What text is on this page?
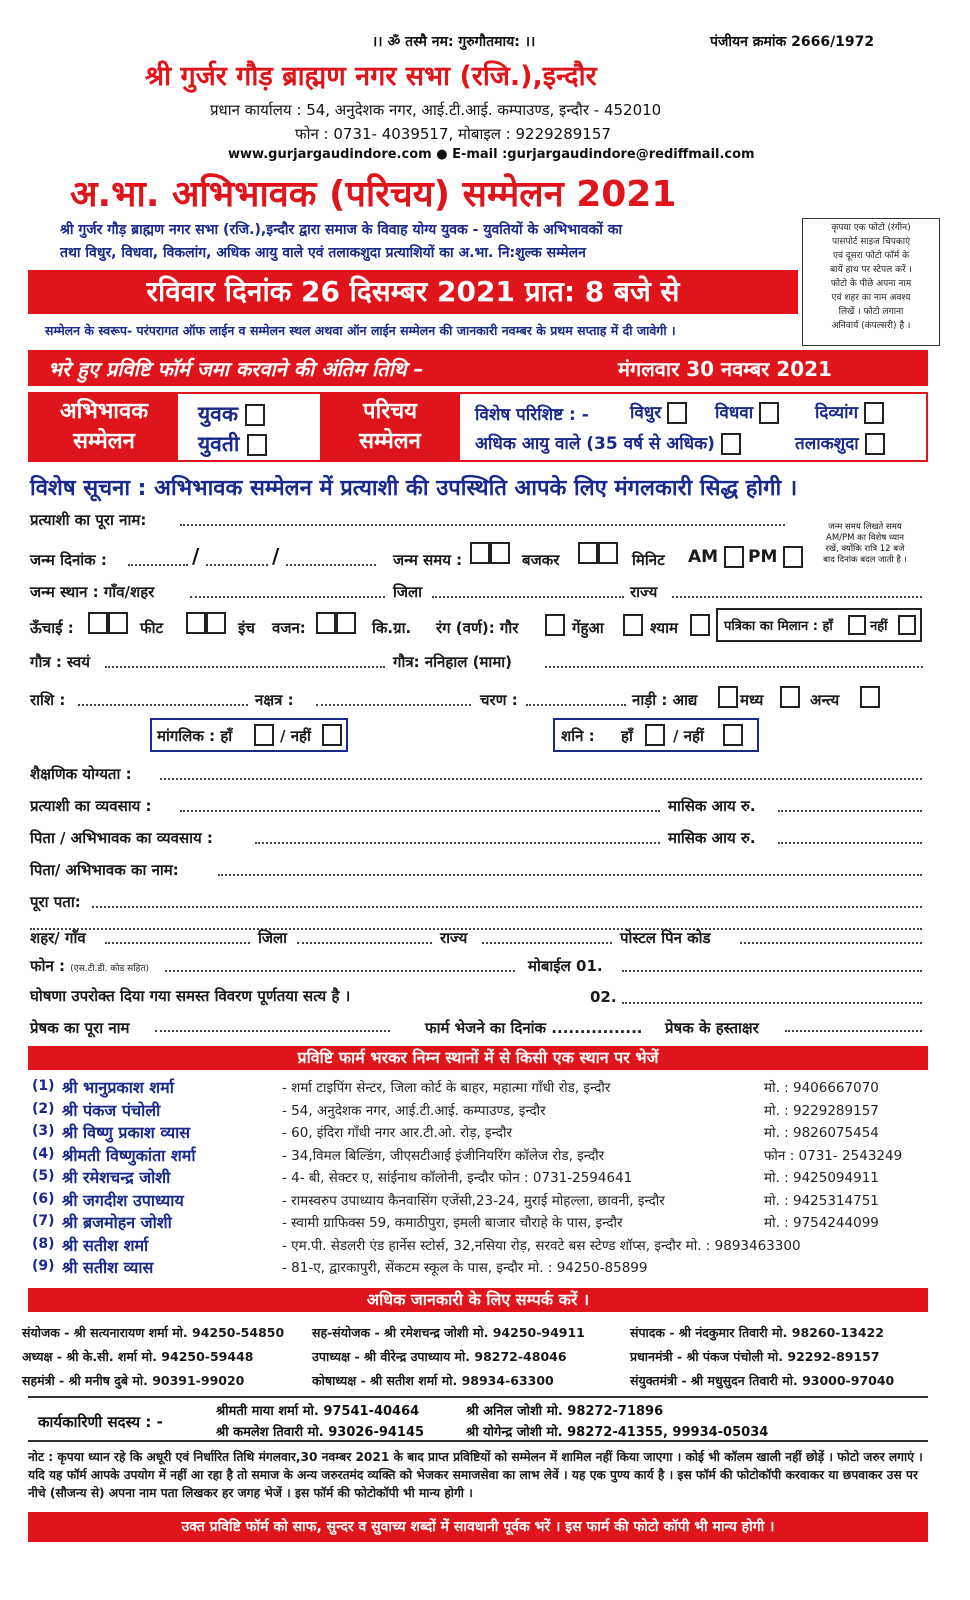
।। ॐ तस्मै नम: गुरुगौतमाय: ।।	पंजीयन क्रमांक 2666/1972
श्री गुर्जर गौड़ ब्राह्मण नगर सभा (रजि.),इन्दौर
प्रधान कार्यालय : 54, अनुदेशक नगर, आई.टी.आई. कम्पाउण्ड, इन्दौर - 452010
फोन : 0731- 4039517, मोबाइल : 9229289157
www.gurjargaudindore.com ● E-mail :gurjargaudindore@rediffmail.com
अ.भा. अभिभावक (परिचय) सम्मेलन 2021
श्री गुर्जर गौड़ ब्राह्मण नगर सभा (रजि.),इन्दौर द्वारा समाज के विवाह योग्य युवक - युवतियों के अभिभावकों का
तथा विधुर, विधवा, विकलांग, अधिक आयु वाले एवं तलाकशुदा प्रत्याशियों का अ.भा. नि:शुल्क सम्मेलन
कृपया एक फोटो (रंगीन)
पासपोर्ट साइज चिपकाएं
एवं दूसरा फोटो फॉर्म के
बायें हाथ पर स्टेपल करें ।
फोटो के पीछे अपना नाम
एवं शहर का नाम अवश्य
लिखें । फोटो लगाना
अनिवार्य (कंपल्सरी) है ।
रविवार दिनांक 26 दिसम्बर 2021 प्रात: 8 बजे से
सम्मेलन के स्वरूप- परंपरागत ऑफ लाईन व सम्मेलन स्थल अथवा ऑन लाईन सम्मेलन की जानकारी नवम्बर के प्रथम सप्ताह में दी जावेगी ।
भरे हुए प्रविष्टि फॉर्म जमा करवाने की अंतिम तिथि –	मंगलवार 30 नवम्बर 2021
अभिभावक
सम्मेलन
युवक
युवती
परिचय
सम्मेलन
विशेष परिशिष्ट : - विधुर	विधवा	दिव्यांग
अधिक आयु वाले (35 वर्ष से अधिक)	तलाकशुदा
विशेष सूचना : अभिभावक सम्मेलन में प्रत्याशी की उपस्थिति आपके लिए मंगलकारी सिद्ध होगी ।
प्रत्याशी का पूरा नाम:	जन्म समय लिखते समय
AM/PM का विशेष ध्यान
रखें, क्योंकि रात्रि 12 बजे
बाद दिनांक बदल जाती है ।
जन्म दिनांक :	/	/	जन्म समय :	बजकर	मिनिट AM	PM
जन्म स्थान : गाँव/शहर	जिला	राज्य
ऊँचाई :	फीट	इंच वजन:	कि.ग्रा. रंग (वर्ण): गौर	गेंहुआ	श्याम	पत्रिका का मिलान : हाँ	नहीं
गौत्र : स्वयं	गौत्र: ननिहाल (मामा)
राशि :	नक्षत्र :	चरण :	नाड़ी : आद्य	मध्य	अन्त्य
मांगलिक : हाँ	/ नहीं	शनि : हाँ	/ नहीं
शैक्षणिक योग्यता :
प्रत्याशी का व्यवसाय :	मासिक आय रु.
पिता / अभिभावक का व्यवसाय :	मासिक आय रु.
पिता/ अभिभावक का नाम:
पूरा पता:
शहर/ गाँव	जिला	राज्य	पोस्टल पिन कोड
फोन : (एस.टी.डी. कोड सहित)	मोबाईल 01.
घोषणा उपरोक्त दिया गया समस्त विवरण पूर्णतया सत्य है ।	02.
प्रेषक का पूरा नाम	फार्म भेजने का दिनांक ................ प्रेषक के हस्ताक्षर
प्रविष्टि फार्म भरकर निम्न स्थानों में से किसी एक स्थान पर भेजें
(1) श्री भानुप्रकाश शर्मा	- शर्मा टाइपिंग सेन्टर, जिला कोर्ट के बाहर, महात्मा गाँधी रोड, इन्दौर	मो. : 9406667070
(2) श्री पंकज पंचोली	- 54, अनुदेशक नगर, आई.टी.आई. कम्पाउण्ड, इन्दौर	मो. : 9229289157
(3) श्री विष्णु प्रकाश व्यास	- 60, इंदिरा गाँधी नगर आर.टी.ओ. रोड़, इन्दौर	मो. : 9826075454
(4) श्रीमती विष्णुकांता शर्मा	- 34,विमल बिल्डिंग, जीएसटीआई इंजीनियरिंग कॉलेज रोड, इन्दौर	फोन : 0731- 2543249
(5) श्री रमेशचन्द्र जोशी	- 4- बी, सेक्टर ए, सांईनाथ कॉलोनी, इन्दौर फोन : 0731-2594641	मो. : 9425094911
(6) श्री जगदीश उपाध्याय	- रामस्वरुप उपाध्याय कैनवासिंग एजेंसी,23-24, मुराई मोहल्ला, छावनी, इन्दौर	मो. : 9425314751
(7) श्री ब्रजमोहन जोशी	- स्वामी ग्राफिक्स 59, कमाठीपुरा, इमली बाजार चौराहे के पास, इन्दौर	मो. : 9754244099
(8) श्री सतीश शर्मा	- एम.पी. सेडलरी एंड हार्नेस स्टोर्स, 32,नसिया रोड़, सरवटे बस स्टेण्ड शॉप्स, इन्दौर मो. : 9893463300
(9) श्री सतीश व्यास	- 81-ए, द्वारकापुरी, सेंकटम स्कूल के पास, इन्दौर मो. : 94250-85899
अधिक जानकारी के लिए सम्पर्क करें ।
संयोजक - श्री सत्यनारायण शर्मा मो. 94250-54850 सह-संयोजक - श्री रमेशचन्द्र जोशी मो. 94250-94911	संपादक - श्री नंदकुमार तिवारी मो. 98260-13422
अध्यक्ष - श्री के.सी. शर्मा मो. 94250-59448	उपाध्यक्ष - श्री वीरेन्द्र उपाध्याय मो. 98272-48046	प्रधानमंत्री - श्री पंकज पंचोली मो. 92292-89157
सहमंत्री - श्री मनीष दुबे मो. 90391-99020	कोषाध्यक्ष - श्री सतीश शर्मा मो. 98934-63300	संयुक्तमंत्री - श्री मधुसुदन तिवारी मो. 93000-97040
कार्यकारिणी सदस्य : -
श्रीमती माया शर्मा मो. 97541-40464	श्री अनिल जोशी मो. 98272-71896
श्री कमलेश तिवारी मो. 93026-94145	श्री योगेन्द्र जोशी मो. 98272-41355, 99934-05034
नोट : कृपया ध्यान रहे कि अधूरी एवं निर्धारित तिथि मंगलवार,30 नवम्बर 2021 के बाद प्राप्त प्रविष्टियों को सम्मेलन में शामिल नहीं किया जाएगा । कोई भी कॉलम खाली नहीं छोड़ें । फोटो जरुर लगाएं । यदि यह फॉर्म आपके उपयोग में नहीं आ रहा है तो समाज के अन्य जरुरतमंद व्यक्ति को भेजकर समाजसेवा का लाभ लेवें । यह एक पुण्य कार्य है । इस फॉर्म की फोटोकॉपी करवाकर या छपवाकर उस पर नीचे (सौजन्य से) अपना नाम पता लिखकर हर जगह भेजें । इस फॉर्म की फोटोकॉपी भी मान्य होगी ।
उक्त प्रविष्टि फॉर्म को साफ, सुन्दर व सुवाच्य शब्दों में सावधानी पूर्वक भरें । इस फार्म की फोटो कॉपी भी मान्य होगी ।
